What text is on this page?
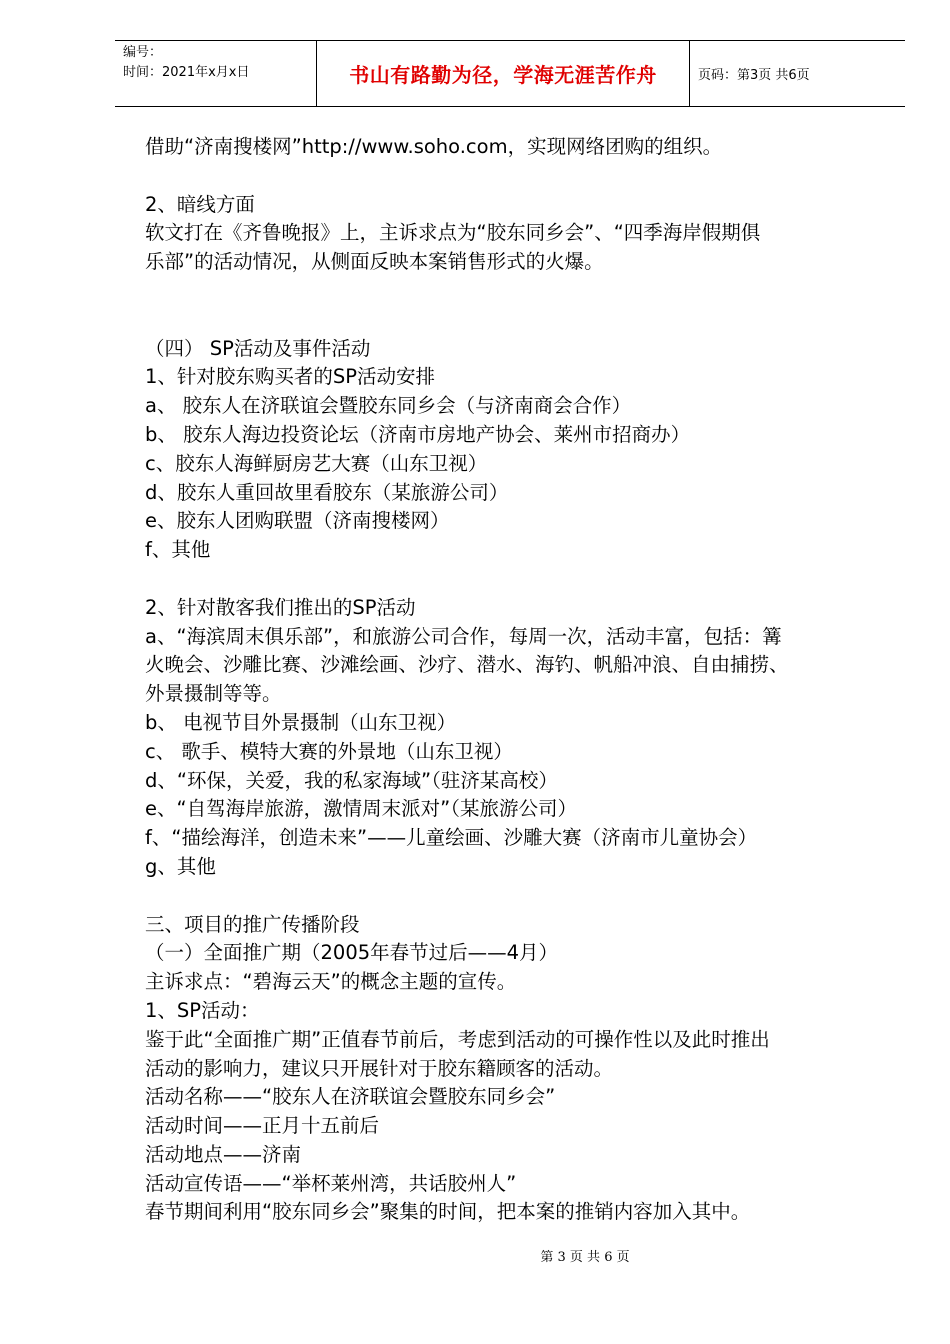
编号：
时间：2021年x月x日	书山有路勤为径，学海无涯苦作舟	页码：第3页 共6页
借助“济南搜楼网”http://www.soho.com，实现网络团购的组织。
2、暗线方面
软文打在《齐鲁晚报》上，主诉求点为“胶东同乡会”、“四季海岸假期俱
乐部”的活动情况，从侧面反映本案销售形式的火爆。
（四） SP活动及事件活动
1、针对胶东购买者的SP活动安排
a、 胶东人在济联谊会暨胶东同乡会（与济南商会合作）
b、 胶东人海边投资论坛（济南市房地产协会、莱州市招商办）
c、胶东人海鲜厨房艺大赛（山东卫视）
d、胶东人重回故里看胶东（某旅游公司）
e、胶东人团购联盟（济南搜楼网）
f、其他
2、针对散客我们推出的SP活动
a、“海滨周末俱乐部”，和旅游公司合作，每周一次，活动丰富，包括：篝
火晚会、沙雕比赛、沙滩绘画、沙疗、潜水、海钓、帆船冲浪、自由捕捞、
外景摄制等等。
b、 电视节目外景摄制（山东卫视）
c、 歌手、模特大赛的外景地（山东卫视）
d、“环保，关爱，我的私家海域”（驻济某高校）
e、“自驾海岸旅游，激情周末派对”（某旅游公司）
f、“描绘海洋，创造未来”——儿童绘画、沙雕大赛（济南市儿童协会）
g、其他
三、项目的推广传播阶段
（一）全面推广期（2005年春节过后——4月）
主诉求点：“碧海云天”的概念主题的宣传。
1、SP活动：
鉴于此“全面推广期”正值春节前后，考虑到活动的可操作性以及此时推出
活动的影响力，建议只开展针对于胶东籍顾客的活动。
活动名称——“胶东人在济联谊会暨胶东同乡会”
活动时间——正月十五前后
活动地点——济南
活动宣传语——“举杯莱州湾，共话胶州人”
春节期间利用“胶东同乡会”聚集的时间，把本案的推销内容加入其中。
第 3 页 共 6 页
